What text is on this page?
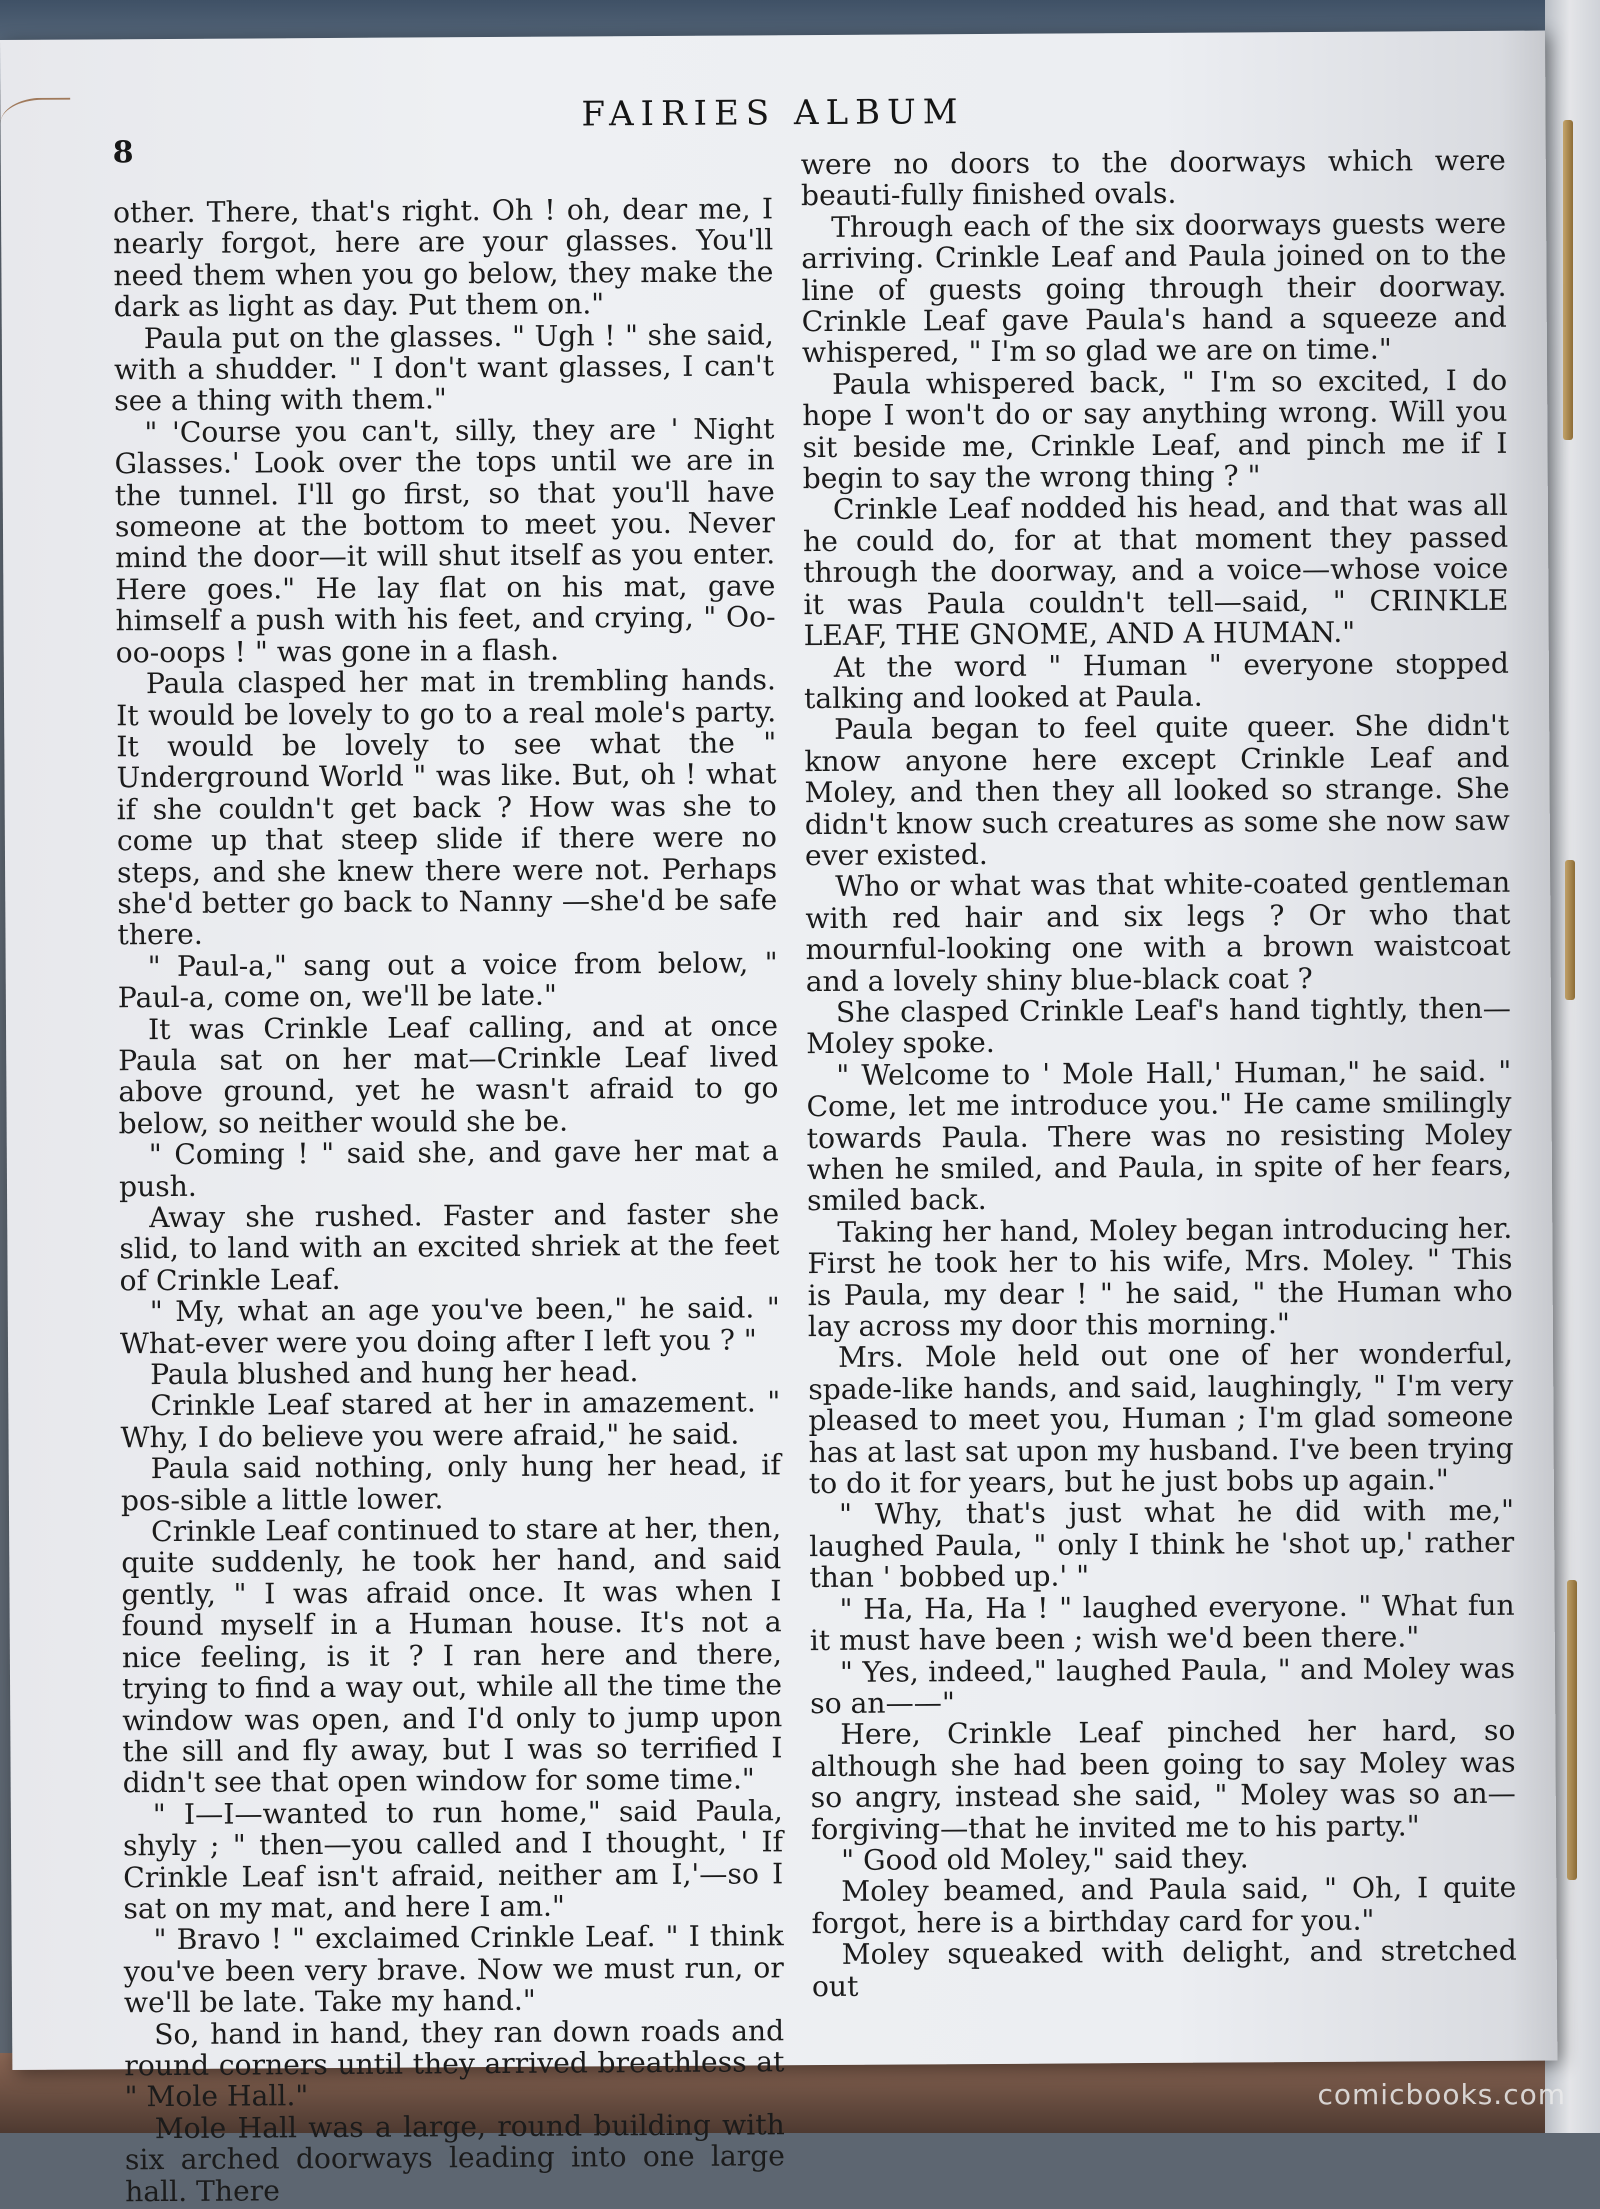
8
FAIRIES ALBUM

other. There, that's right. Oh ! oh, dear me, I nearly forgot, here are your glasses. You'll need them when you go below, they make the dark as light as day. Put them on."

Paula put on the glasses. " Ugh ! " she said, with a shudder. " I don't want glasses, I can't see a thing with them."

" 'Course you can't, silly, they are ' Night Glasses.' Look over the tops until we are in the tunnel. I'll go first, so that you'll have someone at the bottom to meet you. Never mind the door—it will shut itself as you enter. Here goes." He lay flat on his mat, gave himself a push with his feet, and crying, " Oo-oo-oops ! " was gone in a flash.

Paula clasped her mat in trembling hands. It would be lovely to go to a real mole's party. It would be lovely to see what the " Underground World " was like. But, oh ! what if she couldn't get back ? How was she to come up that steep slide if there were no steps, and she knew there were not. Perhaps she'd better go back to Nanny —she'd be safe there.

" Paul-a," sang out a voice from below, " Paul-a, come on, we'll be late."

It was Crinkle Leaf calling, and at once Paula sat on her mat—Crinkle Leaf lived above ground, yet he wasn't afraid to go below, so neither would she be.

" Coming ! " said she, and gave her mat a push.

Away she rushed. Faster and faster she slid, to land with an excited shriek at the feet of Crinkle Leaf.

" My, what an age you've been," he said. " What-ever were you doing after I left you ? "

Paula blushed and hung her head.

Crinkle Leaf stared at her in amazement. " Why, I do believe you were afraid," he said.

Paula said nothing, only hung her head, if pos-sible a little lower.

Crinkle Leaf continued to stare at her, then, quite suddenly, he took her hand, and said gently, " I was afraid once. It was when I found myself in a Human house. It's not a nice feeling, is it ? I ran here and there, trying to find a way out, while all the time the window was open, and I'd only to jump upon the sill and fly away, but I was so terrified I didn't see that open window for some time."

" I—I—wanted to run home," said Paula, shyly ; " then—you called and I thought, ' If Crinkle Leaf isn't afraid, neither am I,'—so I sat on my mat, and here I am."

" Bravo ! " exclaimed Crinkle Leaf. " I think you've been very brave. Now we must run, or we'll be late. Take my hand."

So, hand in hand, they ran down roads and round corners until they arrived breathless at " Mole Hall."

Mole Hall was a large, round building with six arched doorways leading into one large hall. There

were no doors to the doorways which were beauti-fully finished ovals.

Through each of the six doorways guests were arriving. Crinkle Leaf and Paula joined on to the line of guests going through their doorway. Crinkle Leaf gave Paula's hand a squeeze and whispered, " I'm so glad we are on time."

Paula whispered back, " I'm so excited, I do hope I won't do or say anything wrong. Will you sit beside me, Crinkle Leaf, and pinch me if I begin to say the wrong thing ? "

Crinkle Leaf nodded his head, and that was all he could do, for at that moment they passed through the doorway, and a voice—whose voice it was Paula couldn't tell—said, " CRINKLE LEAF, THE GNOME, AND A HUMAN."

At the word " Human " everyone stopped talking and looked at Paula.

Paula began to feel quite queer. She didn't know anyone here except Crinkle Leaf and Moley, and then they all looked so strange. She didn't know such creatures as some she now saw ever existed.

Who or what was that white-coated gentleman with red hair and six legs ? Or who that mournful-looking one with a brown waistcoat and a lovely shiny blue-black coat ?

She clasped Crinkle Leaf's hand tightly, then—Moley spoke.

" Welcome to ' Mole Hall,' Human," he said. " Come, let me introduce you." He came smilingly towards Paula. There was no resisting Moley when he smiled, and Paula, in spite of her fears, smiled back.

Taking her hand, Moley began introducing her. First he took her to his wife, Mrs. Moley. " This is Paula, my dear ! " he said, " the Human who lay across my door this morning."

Mrs. Mole held out one of her wonderful, spade-like hands, and said, laughingly, " I'm very pleased to meet you, Human ; I'm glad someone has at last sat upon my husband. I've been trying to do it for years, but he just bobs up again."

" Why, that's just what he did with me," laughed Paula, " only I think he 'shot up,' rather than ' bobbed up.' "

" Ha, Ha, Ha ! " laughed everyone. " What fun it must have been ; wish we'd been there."

" Yes, indeed," laughed Paula, " and Moley was so an——"

Here, Crinkle Leaf pinched her hard, so although she had been going to say Moley was so angry, instead she said, " Moley was so an—forgiving—that he invited me to his party."

" Good old Moley," said they.

Moley beamed, and Paula said, " Oh, I quite forgot, here is a birthday card for you."

Moley squeaked with delight, and stretched out

comicbooks.com
